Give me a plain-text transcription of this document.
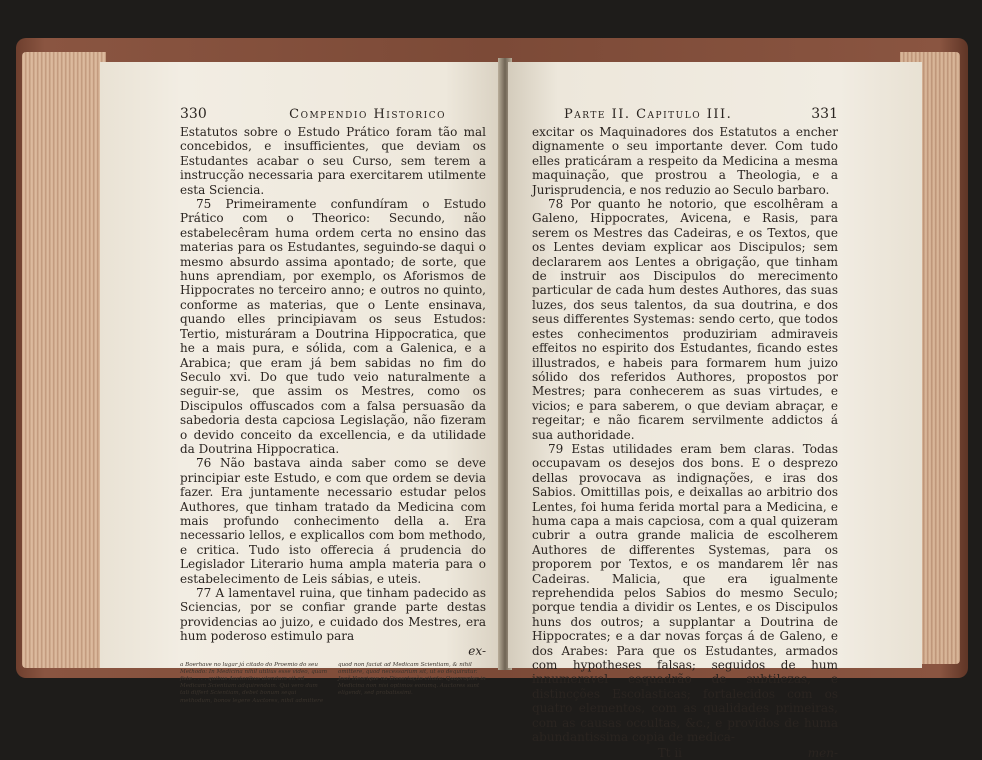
330	Compendio Historico

Estatutos sobre o Estudo Prático foram tão mal concebidos, e insufficientes, que deviam os Estudantes acabar o seu Curso, sem terem a instrucção necessaria para exercitarem utilmente esta Sciencia.

75 Primeiramente confundíram o Estudo Prático com o Theorico: Secundo, não estabelecêram huma ordem certa no ensino das materias para os Estudantes, seguindo-se daqui o mesmo absurdo assima apontado; de sorte, que huns aprendiam, por exemplo, os Aforismos de Hippocrates no terceiro anno; e outros no quinto, conforme as materias, que o Lente ensinava, quando elles principiavam os seus Estudos: Tertio, misturáram a Doutrina Hippocratica, que he a mais pura, e sólida, com a Galenica, e a Arabica; que eram já bem sabidas no fim do Seculo xvi. Do que tudo veio naturalmente a seguir-se, que assim os Mestres, como os Discipulos offuscados com a falsa persuasão da sabedoria desta capciosa Legislação, não fizeram o devido conceito da excellencia, e da utilidade da Doutrina Hippocratica.

76 Não bastava ainda saber como se deve principiar este Estudo, e com que ordem se devia fazer. Era juntamente necessario estudar pelos Authores, que tinham tratado da Medicina com mais profundo conhecimento della a. Era necessario lellos, e explicallos com bom methodo, e critica. Tudo isto offerecia á prudencia do Legislador Literario huma ampla materia para o estabelecimento de Leis sábias, e uteis.

77 A lamentavel ruina, que tinham padecido as Sciencias, por se confiar grande parte destas providencias ao juizo, e cuidado dos Mestres, era hum poderoso estimulo para

ex-
a Boerhave no lugar já citado do Proemio do seu Methodo: In Medicina nihil utilius esse video, quam fiste . . . . quibus Auctoribus utendum sit ad Medicam Scientiam adquirendam. Qui vero dum tali differt Scientiam, debet bonum sequi methodum, bonos legere Auctores, nihil admittere
quod non faciat ad Medicam Scientiam, & nihil omittere, quod necessarium sit, ut eo dequiratur. Joaõ Henrique na Dissertação citada: Quapropter in Medicina non nisi optimos eorumq. Auctores sunt eligendi, sed probatissimi.
Parte II. Capitulo III.	331

excitar os Maquinadores dos Estatutos a encher dignamente o seu importante dever. Com tudo elles praticáram a respeito da Medicina a mesma maquinação, que prostrou a Theologia, e a Jurisprudencia, e nos reduzio ao Seculo barbaro.

78 Por quanto he notorio, que escolhêram a Galeno, Hippocrates, Avicena, e Rasis, para serem os Mestres das Cadeiras, e os Textos, que os Lentes deviam explicar aos Discipulos; sem declararem aos Lentes a obrigação, que tinham de instruir aos Discipulos do merecimento particular de cada hum destes Authores, das suas luzes, dos seus talentos, da sua doutrina, e dos seus differentes Systemas: sendo certo, que todos estes conhecimentos produziriam admiraveis effeitos no espirito dos Estudantes, ficando estes illustrados, e habeis para formarem hum juizo sólido dos referidos Authores, propostos por Mestres; para conhecerem as suas virtudes, e vicios; e para saberem, o que deviam abraçar, e regeitar; e não ficarem servilmente addictos á sua authoridade.

79 Estas utilidades eram bem claras. Todas occupavam os desejos dos bons. E o desprezo dellas provocava as indignações, e iras dos Sabios. Omittillas pois, e deixallas ao arbitrio dos Lentes, foi huma ferida mortal para a Medicina, e huma capa a mais capciosa, com a qual quizeram cubrir a outra grande malicia de escolherem Authores de differentes Systemas, para os proporem por Textos, e os mandarem lêr nas Cadeiras. Malicia, que era igualmente reprehendida pelos Sabios do mesmo Seculo; porque tendia a dividir os Lentes, e os Discipulos huns dos outros; a supplantar a Doutrina de Hippocrates; e a dar novas forças á de Galeno, e dos Arabes: Para que os Estudantes, armados com hypotheses falsas; seguidos de hum innumeravel esquadrão de subtilezas, e distincções Escolasticas; fortalecidos com os quatro elementos, com as qualidades primeiras, com as causas occultas, &c.; e providos de huma abundantissima copia de medica-

Tt ii	men-
